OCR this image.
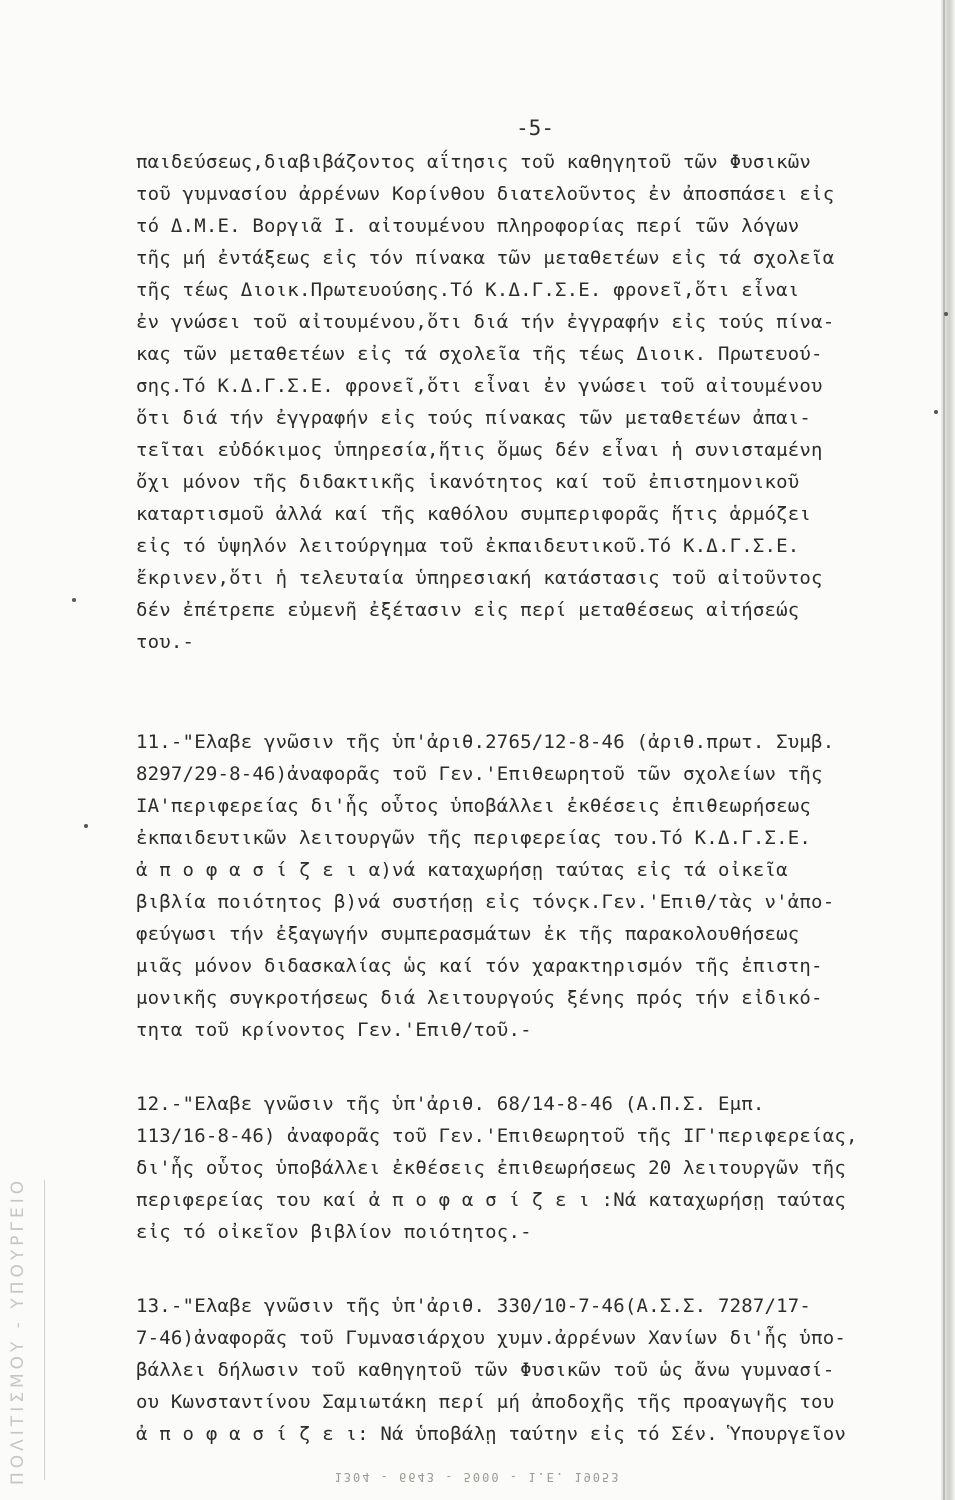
ΠΟΛΙΤΙΣΜΟΥ - ΥΠΟΥΡΓΕΙΟ
-5-
παιδεύσεως,διαβιβάζοντος αΐτησις τοῦ καθηγητοῦ τῶν Φυσικῶν
τοῦ γυμνασίου ἀρρένων Κορίνθου διατελοῦντος ἐν ἀποσπάσει εἰς
τό Δ.Μ.Ε. Βοργιᾶ Ι. αἰτουμένου πληροφορίας περί τῶν λόγων
τῆς μή ἐντάξεως εἰς τόν πίνακα τῶν μεταθετέων εἰς τά σχολεῖα
τῆς τέως Διοικ.Πρωτευούσης.Τό Κ.Δ.Γ.Σ.Ε. φρονεῖ,ὅτι εἶναι
ἐν γνώσει τοῦ αἰτουμένου,ὅτι διά τήν ἐγγραφήν εἰς τούς πίνα-
κας τῶν μεταθετέων εἰς τά σχολεῖα τῆς τέως Διοικ. Πρωτευού-
σης.Τό Κ.Δ.Γ.Σ.Ε. φρονεῖ,ὅτι εἶναι ἐν γνώσει τοῦ αἰτουμένου
ὅτι διά τήν ἐγγραφήν εἰς τούς πίνακας τῶν μεταθετέων ἀπαι-
τεῖται εὐδόκιμος ὑπηρεσία,ἥτις ὅμως δέν εἶναι ἡ συνισταμένη
ὄχι μόνον τῆς διδακτικῆς ἱκανότητος καί τοῦ ἐπιστημονικοῦ
καταρτισμοῦ ἀλλά καί τῆς καθόλου συμπεριφορᾶς ἥτις ἁρμόζει
εἰς τό ὑψηλόν λειτούργημα τοῦ ἐκπαιδευτικοῦ.Τό Κ.Δ.Γ.Σ.Ε.
ἔκρινεν,ὅτι ἡ τελευταία ὑπηρεσιακή κατάστασις τοῦ αἰτοῦντος
δέν ἐπέτρεπε εὐμενῆ ἐξέτασιν εἰς περί μεταθέσεως αἰτήσεώς
του.-
11.-"Ελαβε γνῶσιν τῆς ὑπ'ἀριθ.2765/12-8-46 (ἀριθ.πρωτ. Συμβ.
8297/29-8-46)ἀναφορᾶς τοῦ Γεν.'Επιθεωρητοῦ τῶν σχολείων τῆς
ΙΑ'περιφερείας δι'ἧς οὗτος ὑποβάλλει ἐκθέσεις ἐπιθεωρήσεως
ἐκπαιδευτικῶν λειτουργῶν τῆς περιφερείας του.Τό Κ.Δ.Γ.Σ.Ε.
ἀ π ο φ α σ ί ζ ε ι α)νά καταχωρήσῃ ταύτας εἰς τά οἰκεῖα
βιβλία ποιότητος β)νά συστήσῃ εἰς τόνςκ.Γεν.'Επιθ/τὰς ν'ἀπο-
φεύγωσι τήν ἐξαγωγήν συμπερασμάτων ἐκ τῆς παρακολουθήσεως
μιᾶς μόνον διδασκαλίας ὡς καί τόν χαρακτηρισμόν τῆς ἐπιστη-
μονικῆς συγκροτήσεως διά λειτουργούς ξένης πρός τήν εἰδικό-
τητα τοῦ κρίνοντος Γεν.'Επιθ/τοῦ.-
12.-"Ελαβε γνῶσιν τῆς ὑπ'ἀριθ. 68/14-8-46 (Α.Π.Σ. Εμπ.
113/16-8-46) ἀναφορᾶς τοῦ Γεν.'Επιθεωρητοῦ τῆς ΙΓ'περιφερείας,
δι'ἧς οὗτος ὑποβάλλει ἐκθέσεις ἐπιθεωρήσεως 20 λειτουργῶν τῆς
περιφερείας του καί ἀ π ο φ α σ ί ζ ε ι :Νά καταχωρήσῃ ταύτας
εἰς τό οἰκεῖον βιβλίον ποιότητος.-
13.-"Ελαβε γνῶσιν τῆς ὑπ'ἀριθ. 330/10-7-46(Α.Σ.Σ. 7287/17-
7-46)ἀναφορᾶς τοῦ Γυμνασιάρχου χυμν.ἀρρένων Χανίων δι'ἧς ὑπο-
βάλλει δήλωσιν τοῦ καθηγητοῦ τῶν Φυσικῶν τοῦ ὡς ἄνω γυμνασί-
ου Κωνσταντίνου Σαμιωτάκη περί μή ἀποδοχῆς τῆς προαγωγῆς του
ἀ π ο φ α σ ί ζ ε ι: Νά ὑποβάλῃ ταύτην εἰς τό Σέν. Ὑπουργεῖον
1304 - 6643 - 5000 - 1.E. 19053
